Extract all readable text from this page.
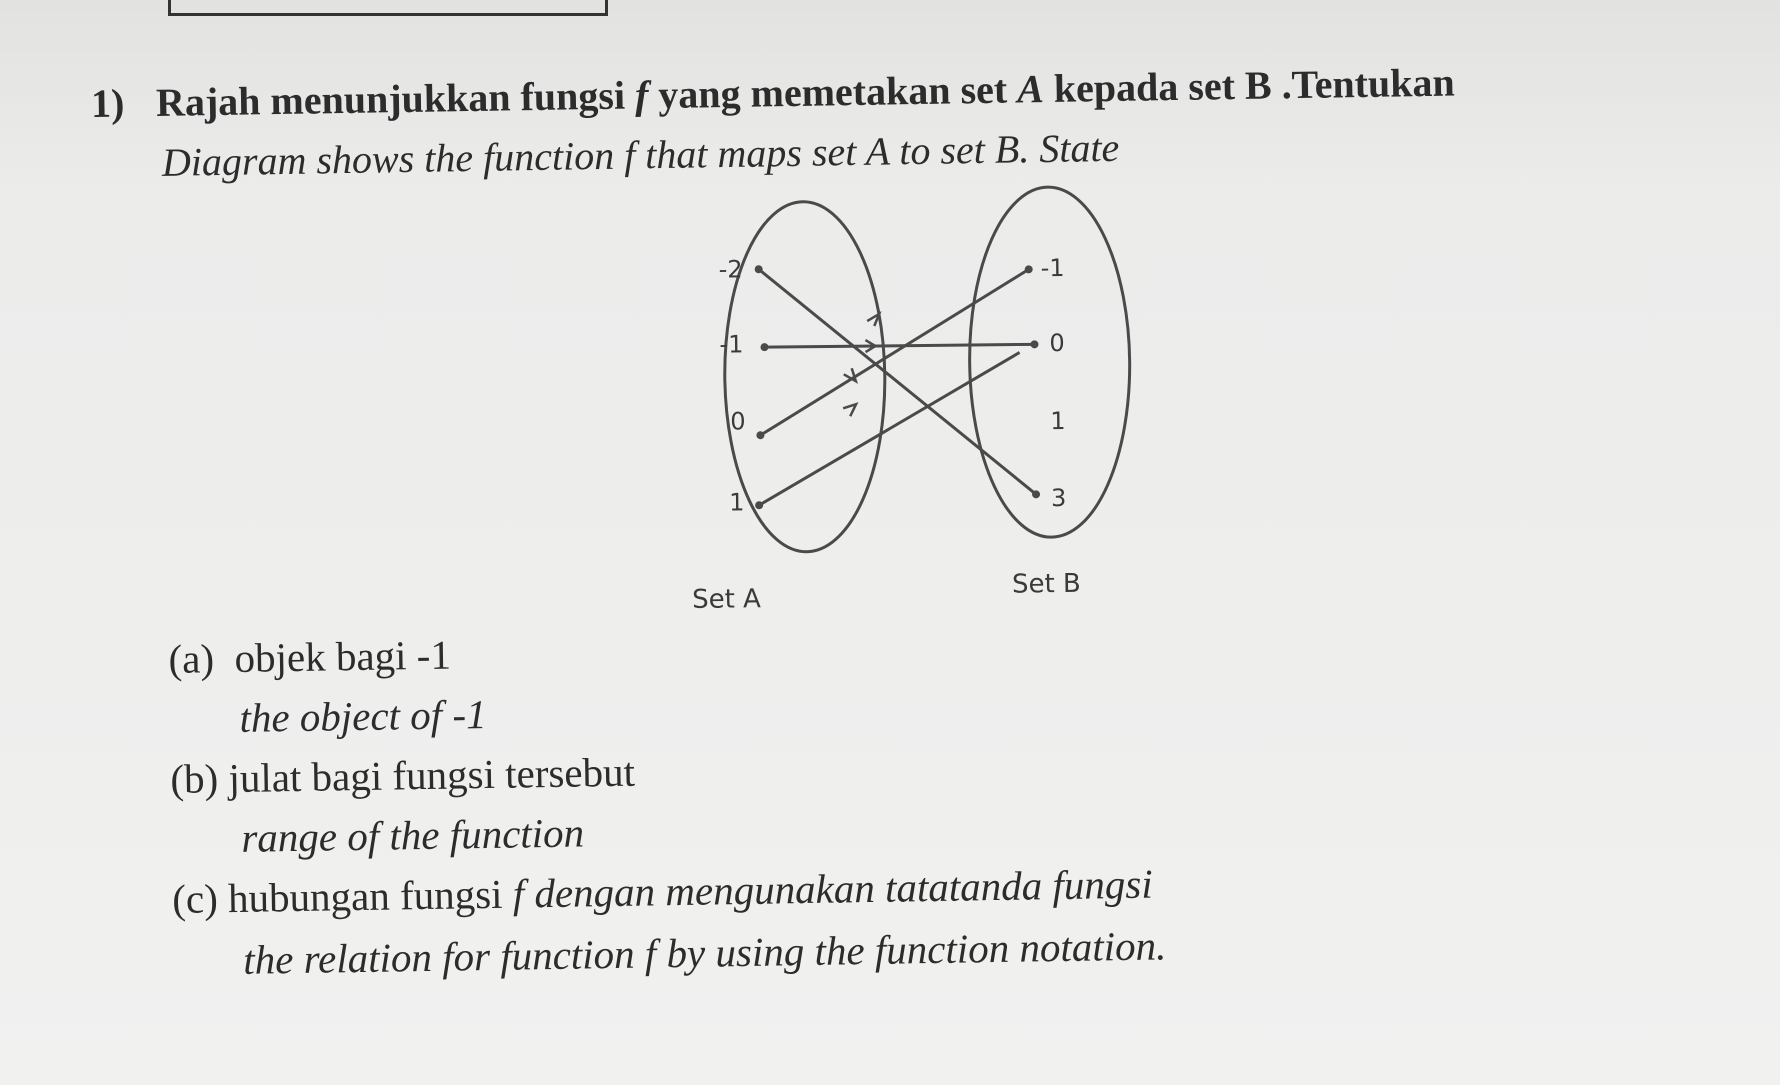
1) Rajah menunjukkan fungsi f yang memetakan set A kepada set B .Tentukan
Diagram shows the function f that maps set A to set B. State
-2
-1
0
1
-1
0
1
3
Set A	Set B
(a) objek bagi -1
the object of -1
(b) julat bagi fungsi tersebut
range of the function
(c) hubungan fungsi f dengan mengunakan tatatanda fungsi
the relation for function f by using the function notation.
